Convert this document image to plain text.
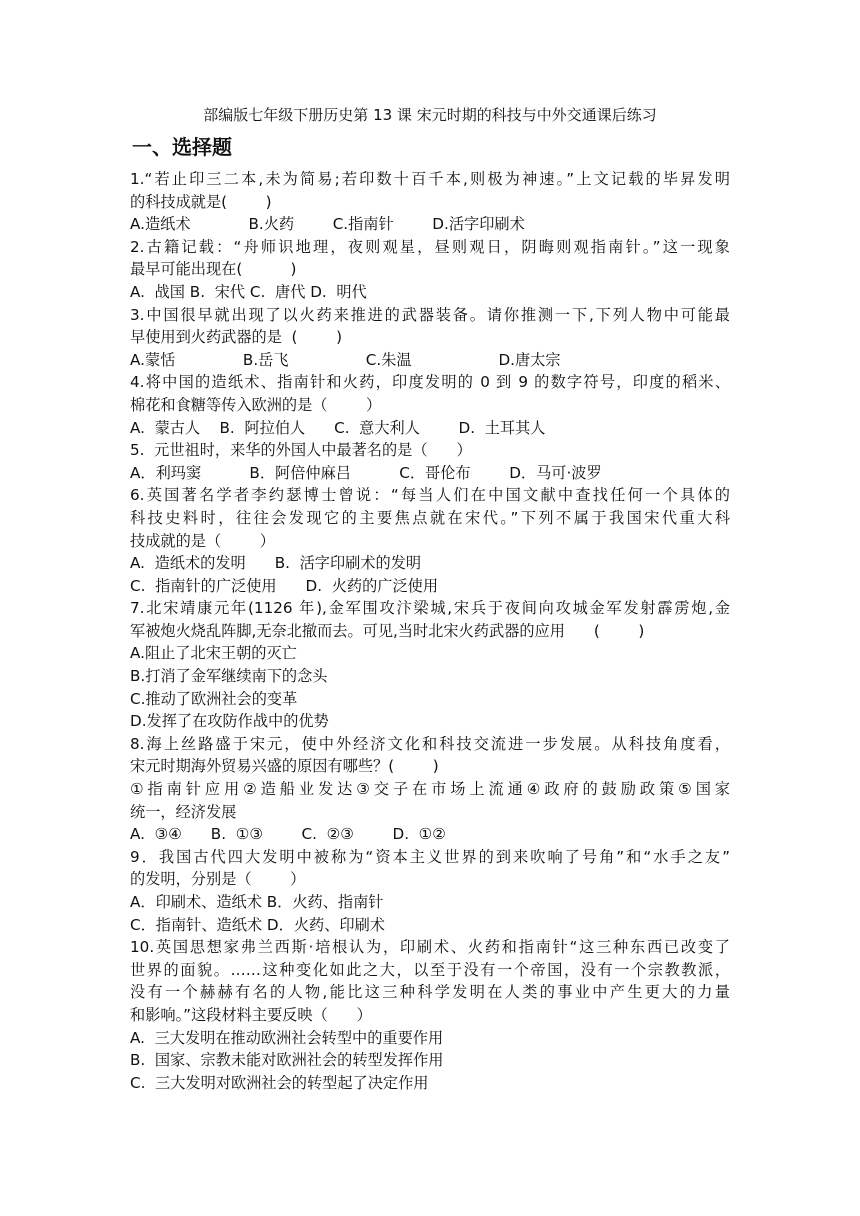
部编版七年级下册历史第 13 课 宋元时期的科技与中外交通课后练习
一、选择题
1.“若止印三二本,未为简易;若印数十百千本,则极为神速。”上文记载的毕昇发明
的科技成就是(        )
A.造纸术            B.火药        C.指南针        D.活字印刷术
2.古籍记载：“舟师识地理，夜则观星，昼则观日，阴晦则观指南针。”这一现象
最早可能出现在(          )
A.  战国 B.  宋代 C.  唐代 D.  明代
3.中国很早就出现了以火药来推进的武器装备。请你推测一下,下列人物中可能最
早使用到火药武器的是  (        )
A.蒙恬              B.岳飞                C.朱温                  D.唐太宗
4.将中国的造纸术、指南针和火药，印度发明的 0 到 9 的数字符号，印度的稻米、
棉花和食糖等传入欧洲的是（        ）
A.  蒙古人    B.  阿拉伯人      C.  意大利人        D.  土耳其人
5.  元世祖时，来华的外国人中最著名的是（      ）
A．利玛窦          B．阿倍仲麻吕          C．哥伦布        D．马可·波罗
6.英国著名学者李约瑟博士曾说：“每当人们在中国文献中查找任何一个具体的
科技史料时，往往会发现它的主要焦点就在宋代。”下列不属于我国宋代重大科
技成就的是（        ）
A.  造纸术的发明      B.  活字印刷术的发明
C.  指南针的广泛使用      D.  火药的广泛使用
7.北宋靖康元年(1126 年),金军围攻汴梁城,宋兵于夜间向攻城金军发射霹雳炮,金
军被炮火烧乱阵脚,无奈北撤而去。可见,当时北宋火药武器的应用      (        )
A.阻止了北宋王朝的灭亡
B.打消了金军继续南下的念头
C.推动了欧洲社会的变革
D.发挥了在攻防作战中的优势
8.海上丝路盛于宋元，使中外经济文化和科技交流进一步发展。从科技角度看，
宋元时期海外贸易兴盛的原因有哪些？(        )
①指南针应用②造船业发达③交子在市场上流通④政府的鼓励政策⑤国家
统一，经济发展
A.  ③④      B.  ①③        C.  ②③        D.  ①②
9．我国古代四大发明中被称为“资本主义世界的到来吹响了号角”和“水手之友”
的发明，分别是（        ）
A．印刷术、造纸术 B．火药、指南针
C．指南针、造纸术 D．火药、印刷术
10.英国思想家弗兰西斯·培根认为，印刷术、火药和指南针“这三种东西已改变了
世界的面貌。……这种变化如此之大，以至于没有一个帝国，没有一个宗教教派，
没有一个赫赫有名的人物,能比这三种科学发明在人类的事业中产生更大的力量
和影响。”这段材料主要反映（      ）
A.  三大发明在推动欧洲社会转型中的重要作用
B.  国家、宗教未能对欧洲社会的转型发挥作用
C.  三大发明对欧洲社会的转型起了决定作用
